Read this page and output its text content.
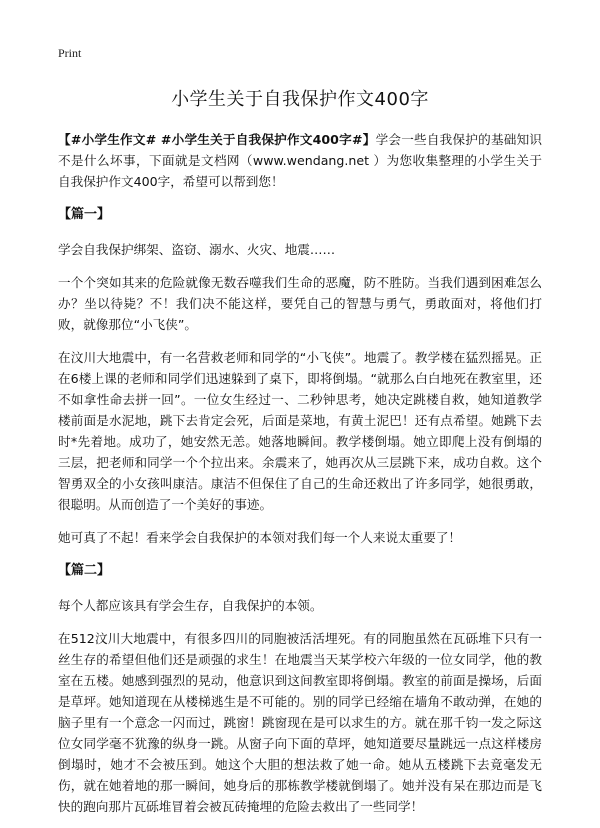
Print
小学生关于自我保护作文400字

【#小学生作文# #小学生关于自我保护作文400字#】学会一些自我保护的基础知识不是什么坏事，下面就是文档网（www.wendang.net ）为您收集整理的小学生关于自我保护作文400字，希望可以帮到您！

【篇一】

学会自我保护绑架、盗窃、溺水、火灾、地震……

一个个突如其来的危险就像无数吞噬我们生命的恶魔，防不胜防。当我们遇到困难怎么办？坐以待毙？不！我们决不能这样，要凭自己的智慧与勇气，勇敢面对，将他们打败，就像那位“小飞侠”。

在汶川大地震中，有一名营救老师和同学的“小飞侠”。地震了。教学楼在猛烈摇晃。正在6楼上课的老师和同学们迅速躲到了桌下，即将倒塌。“就那么白白地死在教室里，还不如拿性命去拼一回”。一位女生经过一、二秒钟思考，她决定跳楼自救，她知道教学楼前面是水泥地，跳下去肯定会死，后面是菜地，有黄土泥巴！还有点希望。她跳下去时*先着地。成功了，她安然无恙。她落地瞬间。教学楼倒塌。她立即爬上没有倒塌的三层，把老师和同学一个个拉出来。余震来了，她再次从三层跳下来，成功自救。这个智勇双全的小女孩叫康洁。康洁不但保住了自己的生命还救出了许多同学，她很勇敢，很聪明。从而创造了一个美好的事迹。

她可真了不起！看来学会自我保护的本领对我们每一个人来说太重要了！

【篇二】

每个人都应该具有学会生存，自我保护的本领。

在512汶川大地震中，有很多四川的同胞被活活埋死。有的同胞虽然在瓦砾堆下只有一丝生存的希望但他们还是顽强的求生！在地震当天某学校六年级的一位女同学，他的教室在五楼。她感到强烈的晃动，他意识到这间教室即将倒塌。教室的前面是操场，后面是草坪。她知道现在从楼梯逃生是不可能的。别的同学已经缩在墙角不敢动弹，在她的脑子里有一个意念一闪而过，跳窗！跳窗现在是可以求生的方。就在那千钧一发之际这位女同学毫不犹豫的纵身一跳。从窗子向下面的草坪，她知道要尽量跳远一点这样楼房倒塌时，她才不会被压到。她这个大胆的想法救了她一命。她从五楼跳下去竟毫发无伤，就在她着地的那一瞬间，她身后的那栋教学楼就倒塌了。她并没有呆在那边而是飞快的跑向那片瓦砾堆冒着会被瓦砖掩埋的危险去救出了一些同学！
